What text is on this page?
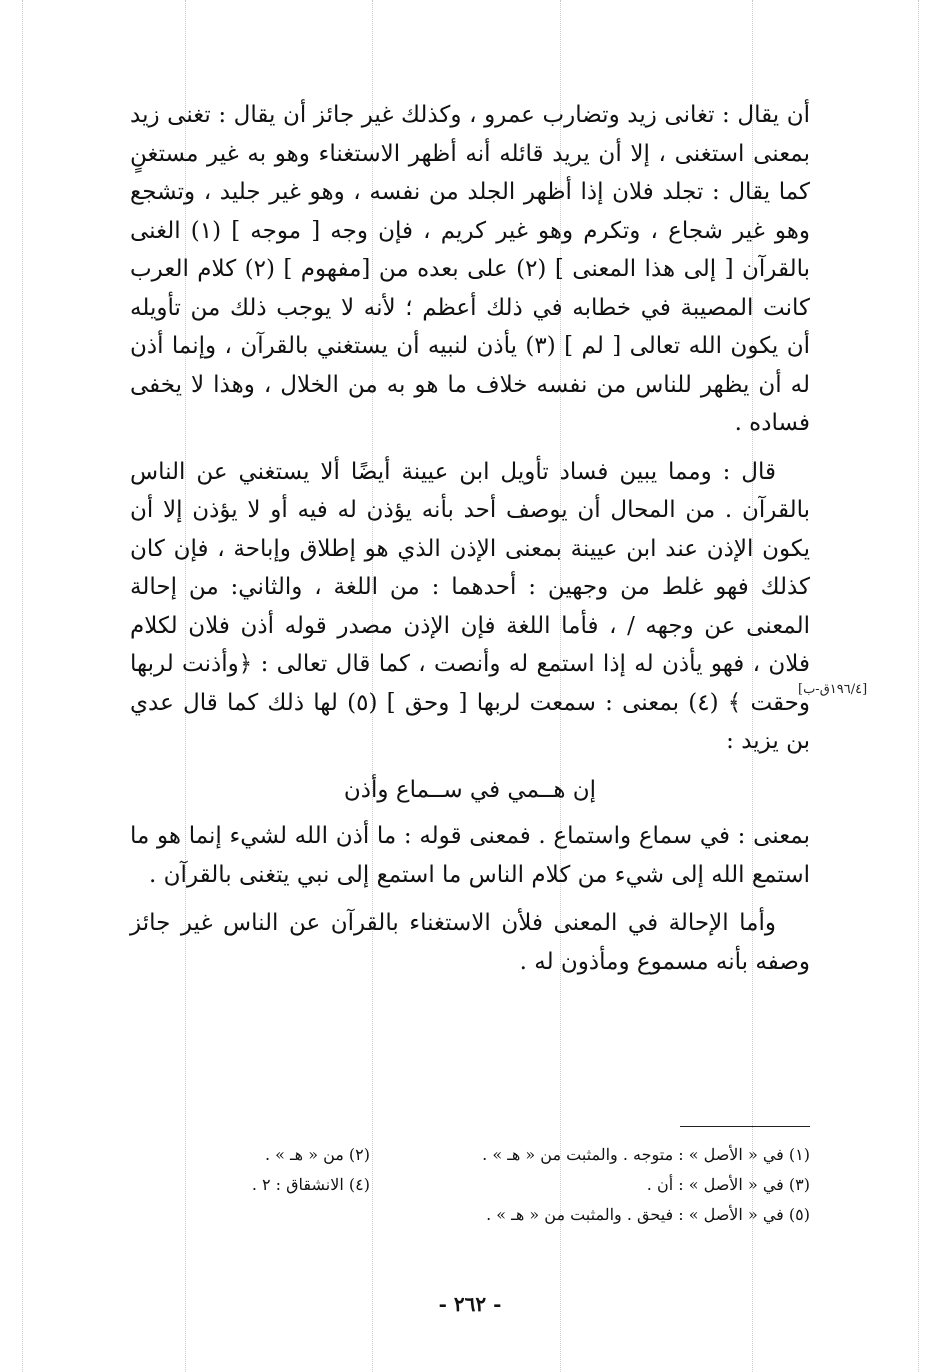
أن يقال : تغانى زيد وتضارب عمرو ، وكذلك غير جائز أن يقال : تغنى زيد بمعنى استغنى ، إلا أن يريد قائله أنه أظهر الاستغناء وهو به غير مستغنٍ كما يقال : تجلد فلان إذا أظهر الجلد من نفسه ، وهو غير جليد ، وتشجع وهو غير شجاع ، وتكرم وهو غير كريم ، فإن وجه [ موجه ] (١) الغنى بالقرآن [ إلى هذا المعنى ] (٢) على بعده من [مفهوم ] (٢) كلام العرب كانت المصيبة في خطابه في ذلك أعظم ؛ لأنه لا يوجب ذلك من تأويله أن يكون الله تعالى [ لم ] (٣) يأذن لنبيه أن يستغني بالقرآن ، وإنما أذن له أن يظهر للناس من نفسه خلاف ما هو به من الخلال ، وهذا لا يخفى فساده .

قال : ومما يبين فساد تأويل ابن عيينة أيضًا ألا يستغني عن الناس بالقرآن . من المحال أن يوصف أحد بأنه يؤذن له فيه أو لا يؤذن إلا أن يكون الإذن عند ابن عيينة بمعنى الإذن الذي هو إطلاق وإباحة ، فإن كان كذلك فهو غلط من وجهين : أحدهما : من اللغة ، والثاني: من إحالة المعنى عن وجهه / ، فأما اللغة فإن الإذن مصدر قوله أذن فلان لكلام فلان ، فهو يأذن له إذا استمع له وأنصت ، كما قال تعالى : ﴿وأذنت لربها وحقت ﴾ (٤) بمعنى : سمعت لربها [ وحق ] (٥) لها ذلك كما قال عدي بن يزيد :

إن هــمي في ســماع وأذن

بمعنى : في سماع واستماع . فمعنى قوله : ما أذن الله لشيء إنما هو ما استمع الله إلى شيء من كلام الناس ما استمع إلى نبي يتغنى بالقرآن .

وأما الإحالة في المعنى فلأن الاستغناء بالقرآن عن الناس غير جائز وصفه بأنه مسموع ومأذون له .

[١٩٦/٤ق-ب]
(١) في « الأصل » : متوجه . والمثبت من « هـ » .
(٢) من « هـ » .
(٣) في « الأصل » : أن .
(٤) الانشقاق : ٢ .
(٥) في « الأصل » : فيحق . والمثبت من « هـ » .
- ٢٦٢ -
